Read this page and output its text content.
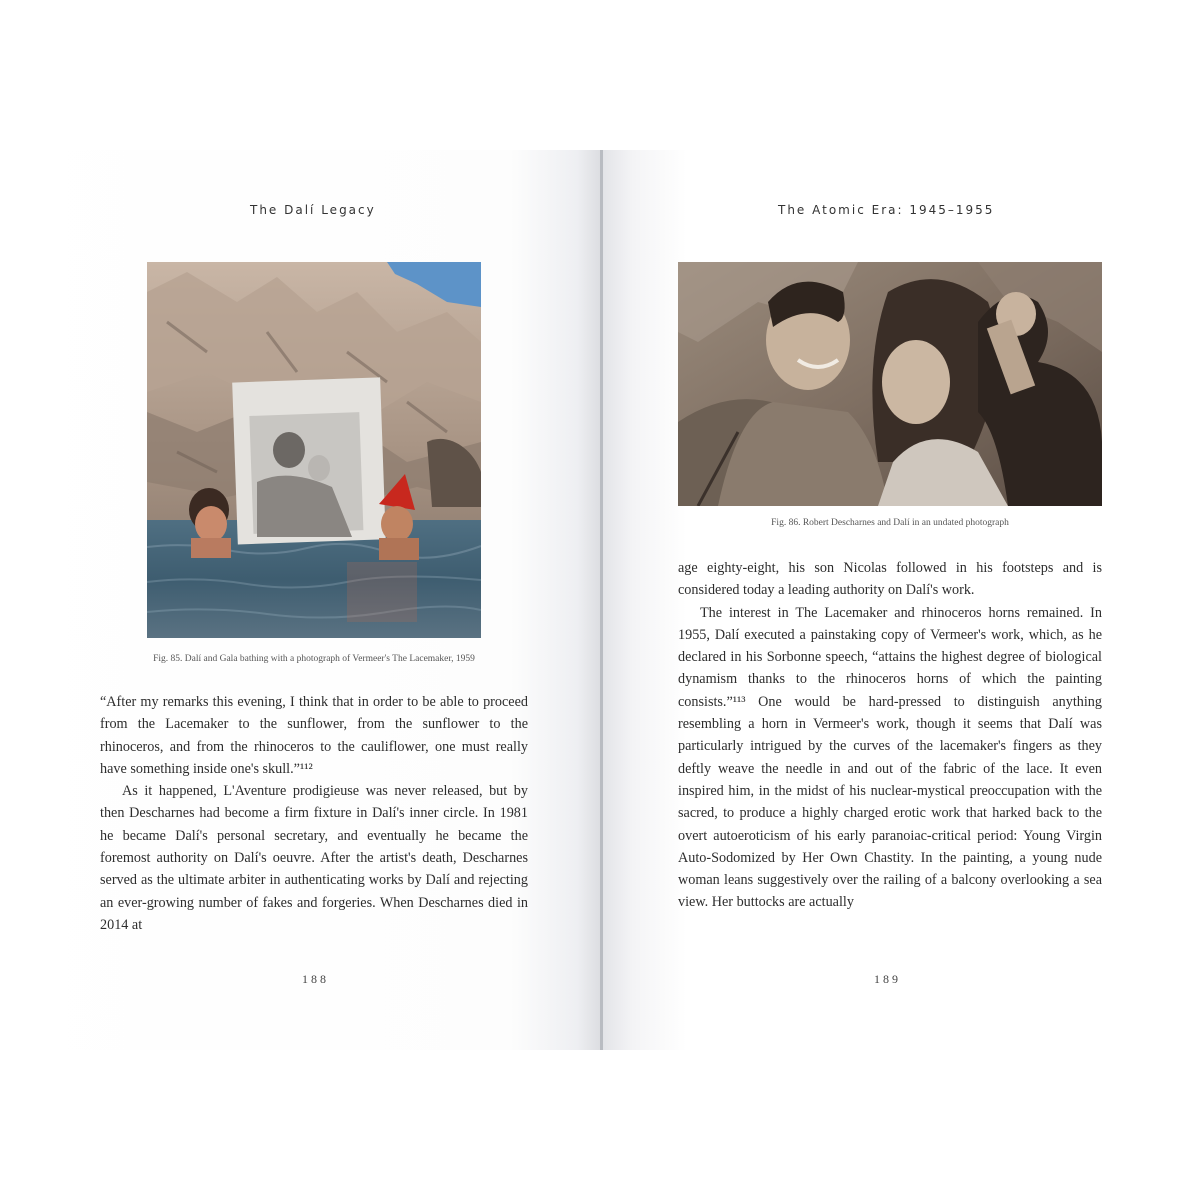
The Dalí Legacy
Fig. 85. Dalí and Gala bathing with a photograph of Vermeer's The Lacemaker, 1959

“After my remarks this evening, I think that in order to be able to proceed from the Lacemaker to the sunflower, from the sunflower to the rhinoceros, and from the rhinoceros to the cauliflower, one must really have something inside one's skull.”¹¹²

As it happened, L'Aventure prodigieuse was never released, but by then Descharnes had become a firm fixture in Dalí's inner circle. In 1981 he became Dalí's personal secretary, and eventually he became the foremost authority on Dalí's oeuvre. After the artist's death, Descharnes served as the ultimate arbiter in authenticating works by Dalí and rejecting an ever-growing number of fakes and forgeries. When Descharnes died in 2014 at

188
The Atomic Era: 1945–1955
Fig. 86. Robert Descharnes and Dalí in an undated photograph

age eighty-eight, his son Nicolas followed in his footsteps and is considered today a leading authority on Dalí's work.

The interest in The Lacemaker and rhinoceros horns remained. In 1955, Dalí executed a painstaking copy of Vermeer's work, which, as he declared in his Sorbonne speech, “attains the highest degree of biological dynamism thanks to the rhinoceros horns of which the painting consists.”¹¹³ One would be hard-pressed to distinguish anything resembling a horn in Vermeer's work, though it seems that Dalí was particularly intrigued by the curves of the lacemaker's fingers as they deftly weave the needle in and out of the fabric of the lace. It even inspired him, in the midst of his nuclear-mystical preoccupation with the sacred, to produce a highly charged erotic work that harked back to the overt autoeroticism of his early paranoiac-critical period: Young Virgin Auto-Sodomized by Her Own Chastity. In the painting, a young nude woman leans suggestively over the railing of a balcony overlooking a sea view. Her buttocks are actually

189
